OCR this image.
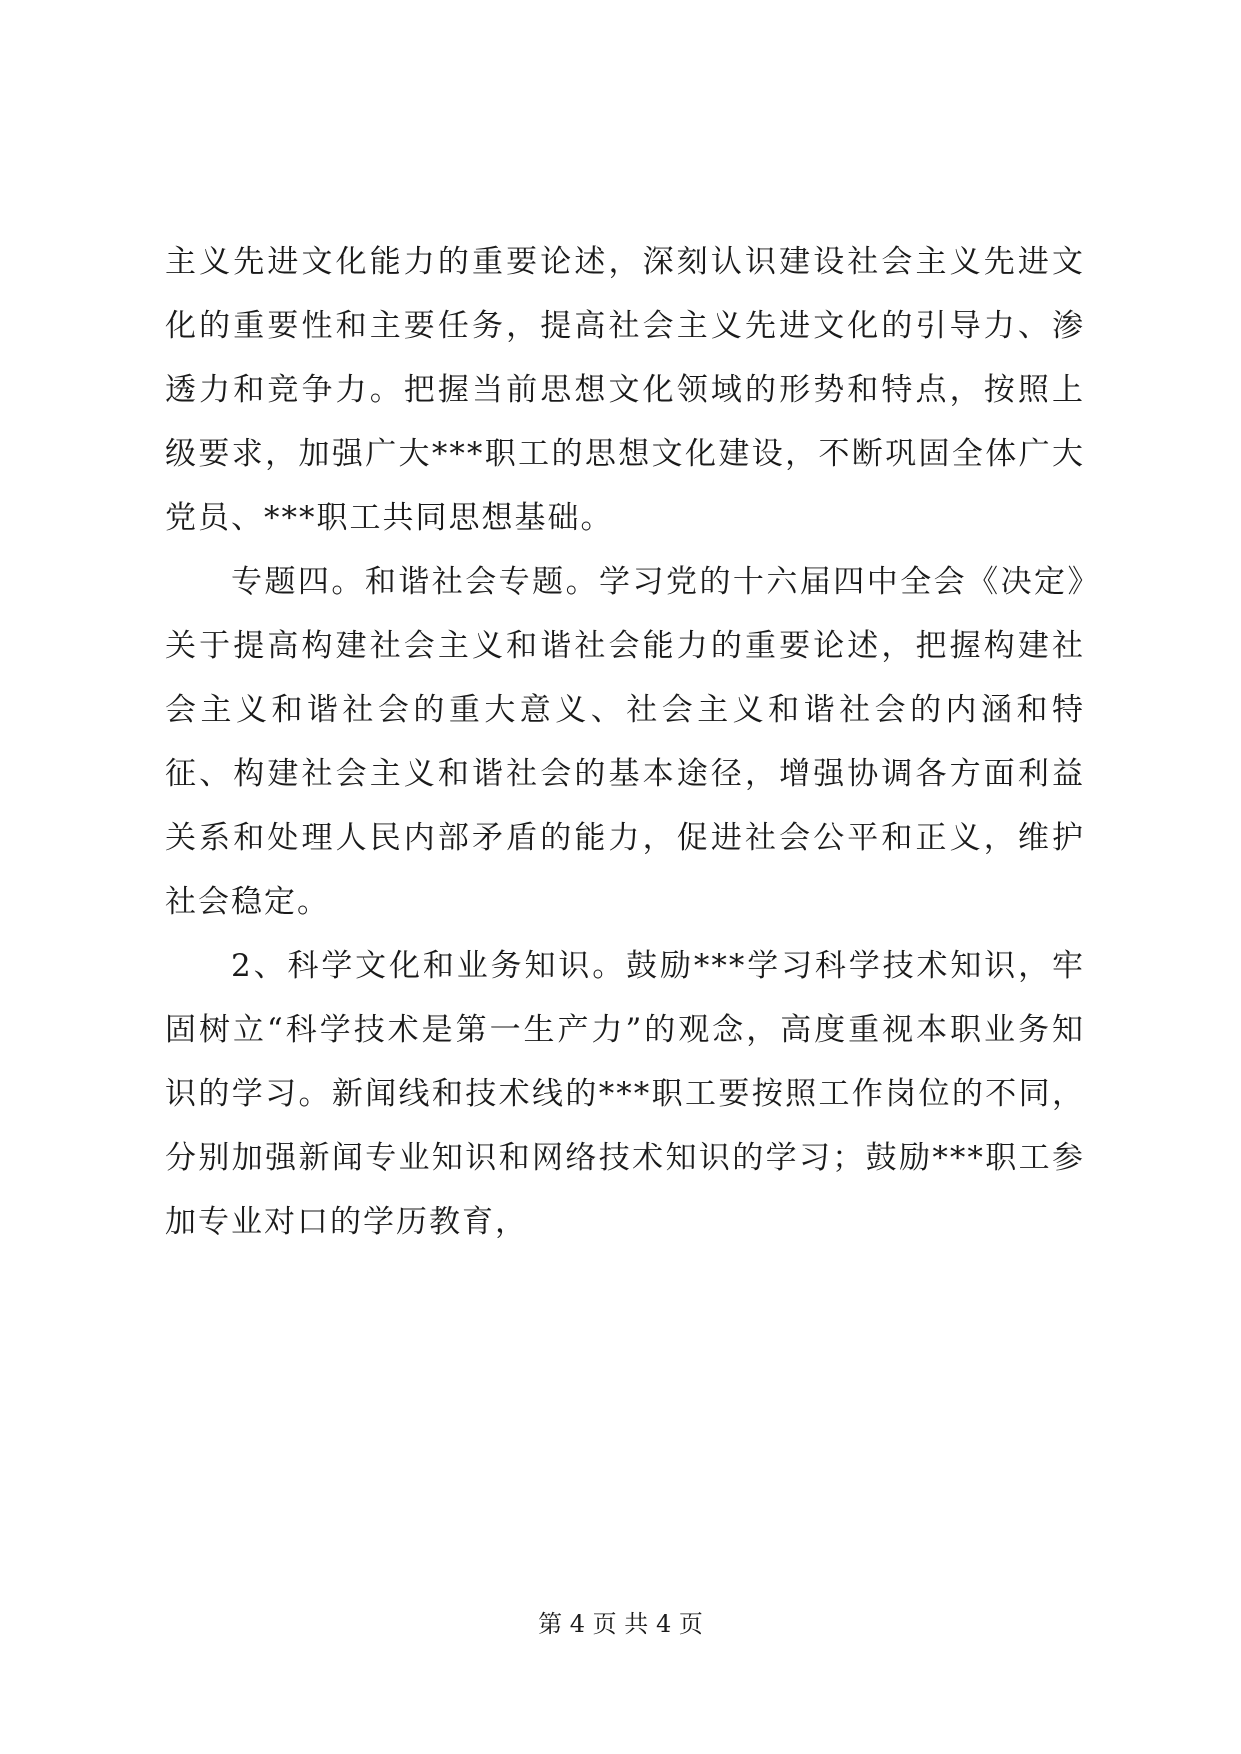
主义先进文化能力的重要论述，深刻认识建设社会主义先进文化的重要性和主要任务，提高社会主义先进文化的引导力、渗透力和竞争力。把握当前思想文化领域的形势和特点，按照上级要求，加强广大***职工的思想文化建设，不断巩固全体广大党员、***职工共同思想基础。

专题四。和谐社会专题。学习党的十六届四中全会《决定》关于提高构建社会主义和谐社会能力的重要论述，把握构建社会主义和谐社会的重大意义、社会主义和谐社会的内涵和特征、构建社会主义和谐社会的基本途径，增强协调各方面利益关系和处理人民内部矛盾的能力，促进社会公平和正义，维护社会稳定。

2、科学文化和业务知识。鼓励***学习科学技术知识，牢固树立“科学技术是第一生产力”的观念，高度重视本职业务知识的学习。新闻线和技术线的***职工要按照工作岗位的不同，分别加强新闻专业知识和网络技术知识的学习；鼓励***职工参加专业对口的学历教育，

第 4 页 共 4 页
